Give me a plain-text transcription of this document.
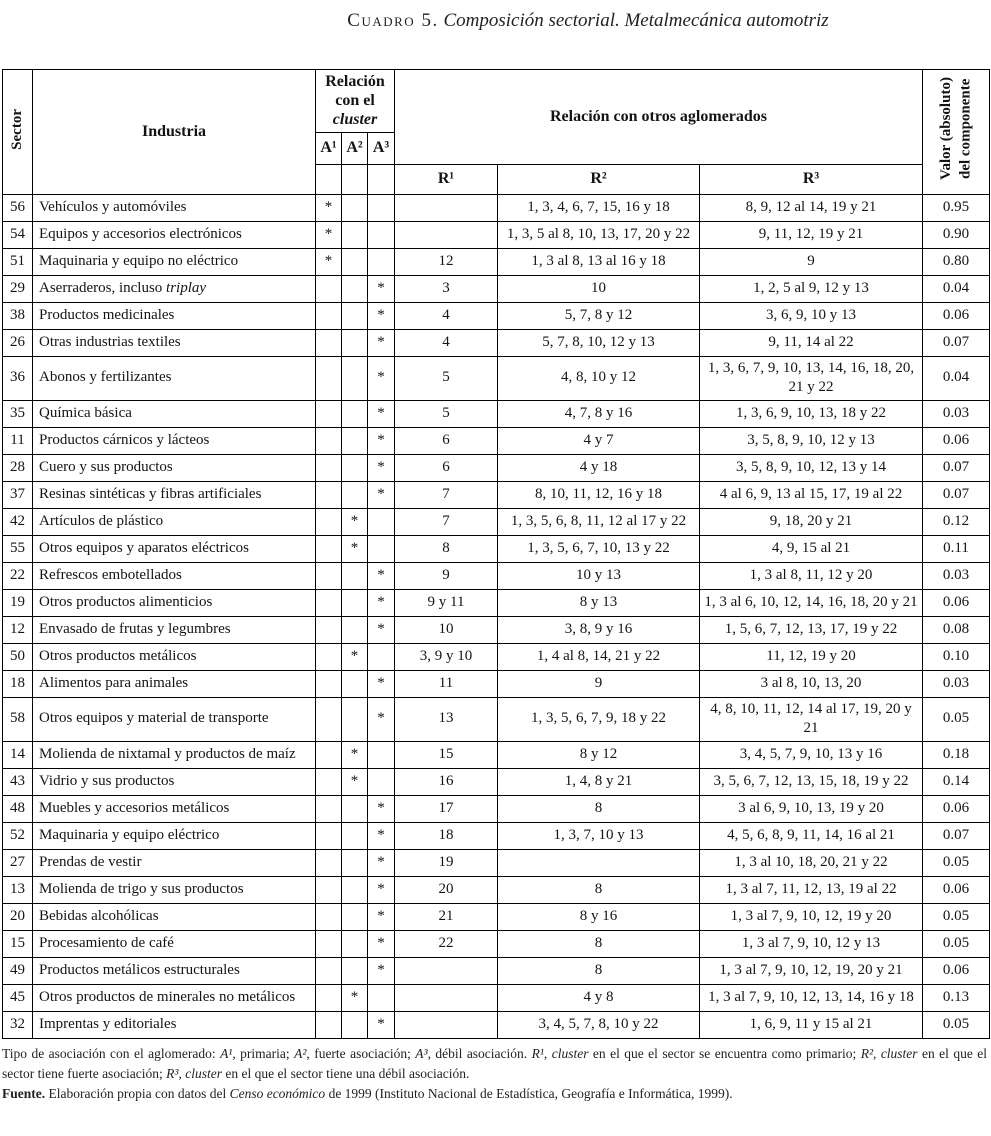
Cuadro 5. Composición sectorial. Metalmecánica automotriz
Sector	Industria	Relación con el cluster			Relación con otros aglomerados			Valor (absoluto) del componente
		A¹	A²	A³				
					R¹	R²	R³	
56	Vehículos y automóviles	*				1, 3, 4, 6, 7, 15, 16 y 18	8, 9, 12 al 14, 19 y 21	0.95
54	Equipos y accesorios electrónicos	*				1, 3, 5 al 8, 10, 13, 17, 20 y 22	9, 11, 12, 19 y 21	0.90
51	Maquinaria y equipo no eléctrico	*			12	1, 3 al 8, 13 al 16 y 18	9	0.80
29	Aserraderos, incluso triplay			*	3	10	1, 2, 5 al 9, 12 y 13	0.04
38	Productos medicinales			*	4	5, 7, 8 y 12	3, 6, 9, 10 y 13	0.06
26	Otras industrias textiles			*	4	5, 7, 8, 10, 12 y 13	9, 11, 14 al 22	0.07
36	Abonos y fertilizantes			*	5	4, 8, 10 y 12	1, 3, 6, 7, 9, 10, 13, 14, 16, 18, 20, 21 y 22	0.04
35	Química básica			*	5	4, 7, 8 y 16	1, 3, 6, 9, 10, 13, 18 y 22	0.03
11	Productos cárnicos y lácteos			*	6	4 y 7	3, 5, 8, 9, 10, 12 y 13	0.06
28	Cuero y sus productos			*	6	4 y 18	3, 5, 8, 9, 10, 12, 13 y 14	0.07
37	Resinas sintéticas y fibras artificiales			*	7	8, 10, 11, 12, 16 y 18	4 al 6, 9, 13 al 15, 17, 19 al 22	0.07
42	Artículos de plástico		*		7	1, 3, 5, 6, 8, 11, 12 al 17 y 22	9, 18, 20 y 21	0.12
55	Otros equipos y aparatos eléctricos		*		8	1, 3, 5, 6, 7, 10, 13 y 22	4, 9, 15 al 21	0.11
22	Refrescos embotellados			*	9	10 y 13	1, 3 al 8, 11, 12 y 20	0.03
19	Otros productos alimenticios			*	9 y 11	8 y 13	1, 3 al 6, 10, 12, 14, 16, 18, 20 y 21	0.06
12	Envasado de frutas y legumbres			*	10	3, 8, 9 y 16	1, 5, 6, 7, 12, 13, 17, 19 y 22	0.08
50	Otros productos metálicos		*		3, 9 y 10	1, 4 al 8, 14, 21 y 22	11, 12, 19 y 20	0.10
18	Alimentos para animales			*	11	9	3 al 8, 10, 13, 20	0.03
58	Otros equipos y material de transporte			*	13	1, 3, 5, 6, 7, 9, 18 y 22	4, 8, 10, 11, 12, 14 al 17, 19, 20 y 21	0.05
14	Molienda de nixtamal y productos de maíz		*		15	8 y 12	3, 4, 5, 7, 9, 10, 13 y 16	0.18
43	Vidrio y sus productos		*		16	1, 4, 8 y 21	3, 5, 6, 7, 12, 13, 15, 18, 19 y 22	0.14
48	Muebles y accesorios metálicos			*	17	8	3 al 6, 9, 10, 13, 19 y 20	0.06
52	Maquinaria y equipo eléctrico			*	18	1, 3, 7, 10 y 13	4, 5, 6, 8, 9, 11, 14, 16 al 21	0.07
27	Prendas de vestir			*	19		1, 3 al 10, 18, 20, 21 y 22	0.05
13	Molienda de trigo y sus productos			*	20	8	1, 3 al 7, 11, 12, 13, 19 al 22	0.06
20	Bebidas alcohólicas			*	21	8 y 16	1, 3 al 7, 9, 10, 12, 19 y 20	0.05
15	Procesamiento de café			*	22	8	1, 3 al 7, 9, 10, 12 y 13	0.05
49	Productos metálicos estructurales			*		8	1, 3 al 7, 9, 10, 12, 19, 20 y 21	0.06
45	Otros productos de minerales no metálicos		*			4 y 8	1, 3 al 7, 9, 10, 12, 13, 14, 16 y 18	0.13
32	Imprentas y editoriales			*		3, 4, 5, 7, 8, 10 y 22	1, 6, 9, 11 y 15 al 21	0.05

Tipo de asociación con el aglomerado: A¹, primaria; A², fuerte asociación; A³, débil asociación. R¹, cluster en el que el sector se encuentra como primario; R², cluster en el que el sector tiene fuerte asociación; R³, cluster en el que el sector tiene una débil asociación.

Fuente. Elaboración propia con datos del Censo económico de 1999 (Instituto Nacional de Estadística, Geografía e Informática, 1999).
